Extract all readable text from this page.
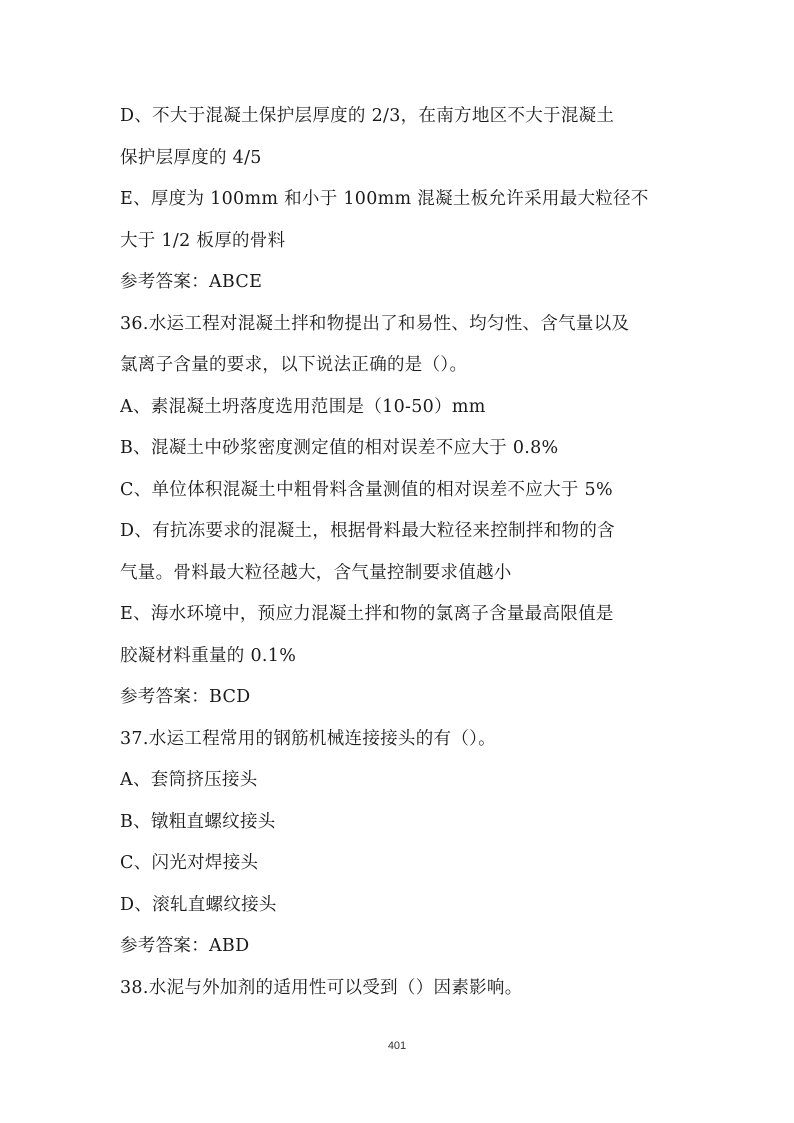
D、不大于混凝土保护层厚度的 2/3，在南方地区不大于混凝土
保护层厚度的 4/5
E、厚度为 100mm 和小于 100mm 混凝土板允许采用最大粒径不
大于 1/2 板厚的骨料
参考答案：ABCE
36.水运工程对混凝土拌和物提出了和易性、均匀性、含气量以及
氯离子含量的要求，以下说法正确的是（）。
A、素混凝土坍落度选用范围是（10-50）mm
B、混凝土中砂浆密度测定值的相对误差不应大于 0.8%
C、单位体积混凝土中粗骨料含量测值的相对误差不应大于 5%
D、有抗冻要求的混凝土，根据骨料最大粒径来控制拌和物的含
气量。骨料最大粒径越大，含气量控制要求值越小
E、海水环境中，预应力混凝土拌和物的氯离子含量最高限值是
胶凝材料重量的 0.1%
参考答案：BCD
37.水运工程常用的钢筋机械连接接头的有（）。
A、套筒挤压接头
B、镦粗直螺纹接头
C、闪光对焊接头
D、滚轧直螺纹接头
参考答案：ABD
38.水泥与外加剂的适用性可以受到（）因素影响。
401
